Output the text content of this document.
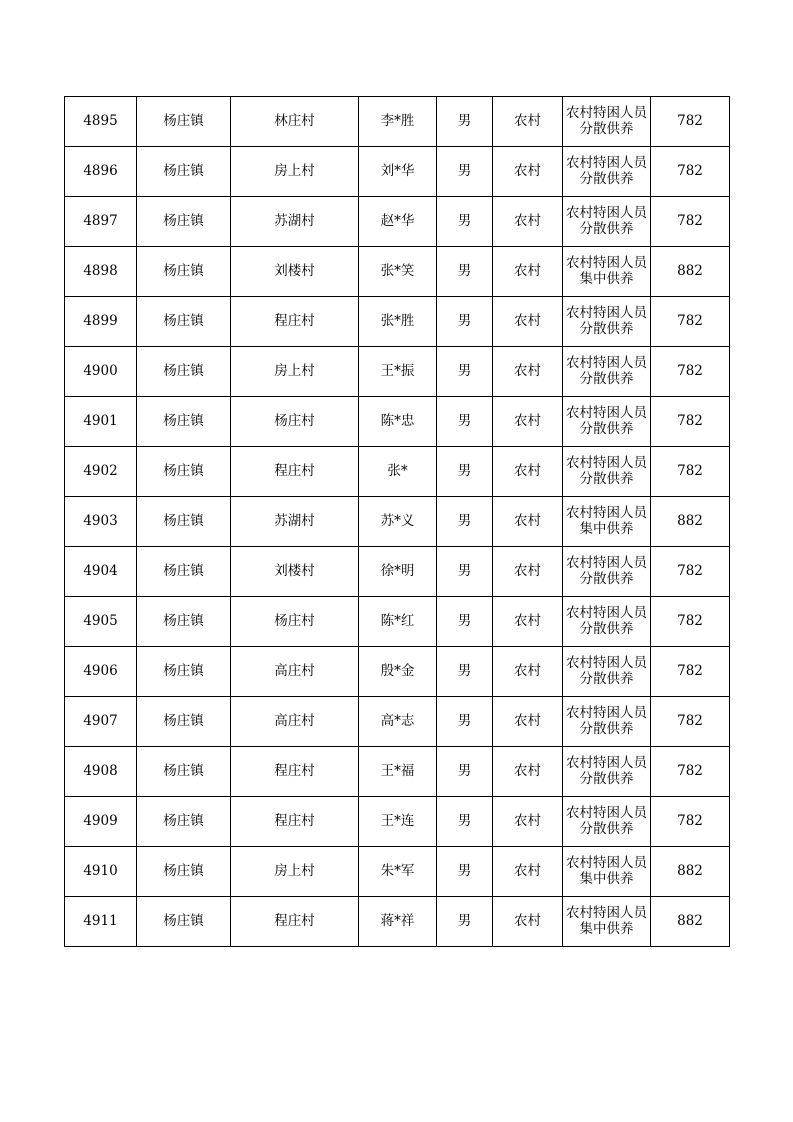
4895	杨庄镇	林庄村	李*胜	男	农村	农村特困人员分散供养	782
4896	杨庄镇	房上村	刘*华	男	农村	农村特困人员分散供养	782
4897	杨庄镇	苏湖村	赵*华	男	农村	农村特困人员分散供养	782
4898	杨庄镇	刘楼村	张*笑	男	农村	农村特困人员集中供养	882
4899	杨庄镇	程庄村	张*胜	男	农村	农村特困人员分散供养	782
4900	杨庄镇	房上村	王*振	男	农村	农村特困人员分散供养	782
4901	杨庄镇	杨庄村	陈*忠	男	农村	农村特困人员分散供养	782
4902	杨庄镇	程庄村	张*	男	农村	农村特困人员分散供养	782
4903	杨庄镇	苏湖村	苏*义	男	农村	农村特困人员集中供养	882
4904	杨庄镇	刘楼村	徐*明	男	农村	农村特困人员分散供养	782
4905	杨庄镇	杨庄村	陈*红	男	农村	农村特困人员分散供养	782
4906	杨庄镇	高庄村	殷*金	男	农村	农村特困人员分散供养	782
4907	杨庄镇	高庄村	高*志	男	农村	农村特困人员分散供养	782
4908	杨庄镇	程庄村	王*福	男	农村	农村特困人员分散供养	782
4909	杨庄镇	程庄村	王*连	男	农村	农村特困人员分散供养	782
4910	杨庄镇	房上村	朱*军	男	农村	农村特困人员集中供养	882
4911	杨庄镇	程庄村	蒋*祥	男	农村	农村特困人员集中供养	882
